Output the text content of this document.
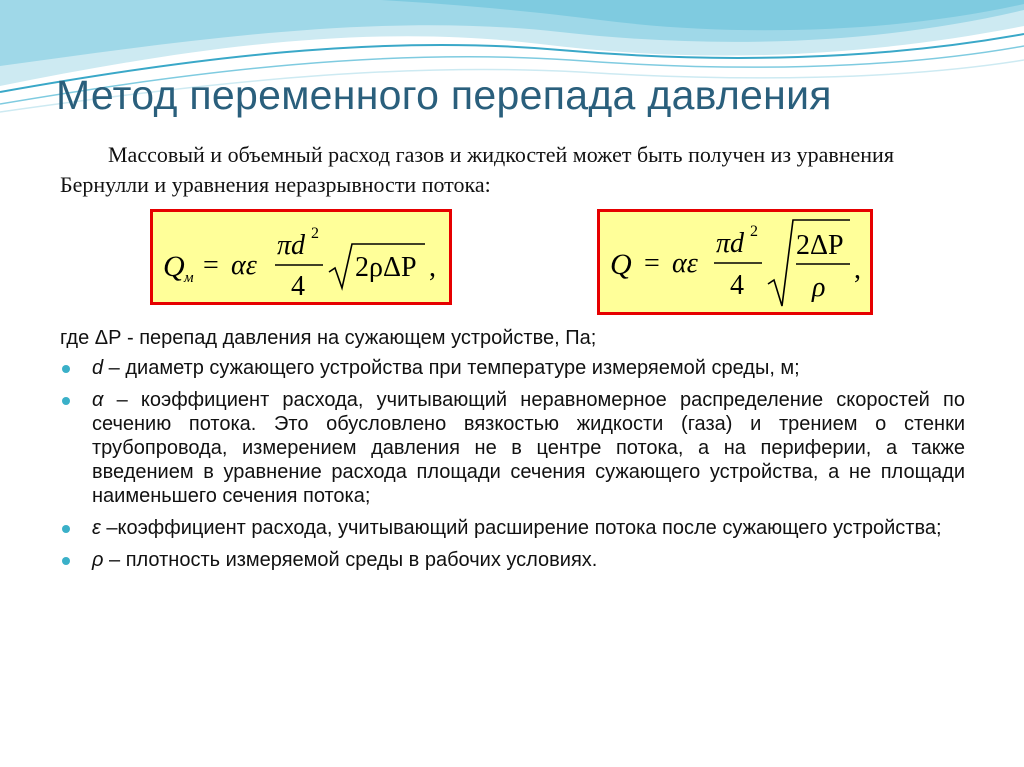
Метод переменного перепада давления

Массовый и объемный расход газов и жидкостей может быть получен из уравнения Бернулли и уравнения неразрывности потока:

Q м = αε
πd 2
4
2ρΔP ,	Q = αε
πd 2
4
2ΔP
ρ
,

где ΔР - перепад давления на сужающем устройстве, Па;

d – диаметр сужающего устройства при температуре измеряемой среды, м;
α – коэффициент расхода, учитывающий неравномерное распределение скоростей по сечению потока. Это обусловлено вязкостью жидкости (газа) и трением о стенки трубопровода, измерением давления не в центре потока, а на периферии, а также введением в уравнение расхода площади сечения сужающего устройства, а не площади наименьшего сечения потока;
ε –коэффициент расхода, учитывающий расширение потока после сужающего устройства;
ρ – плотность измеряемой среды в рабочих условиях.
